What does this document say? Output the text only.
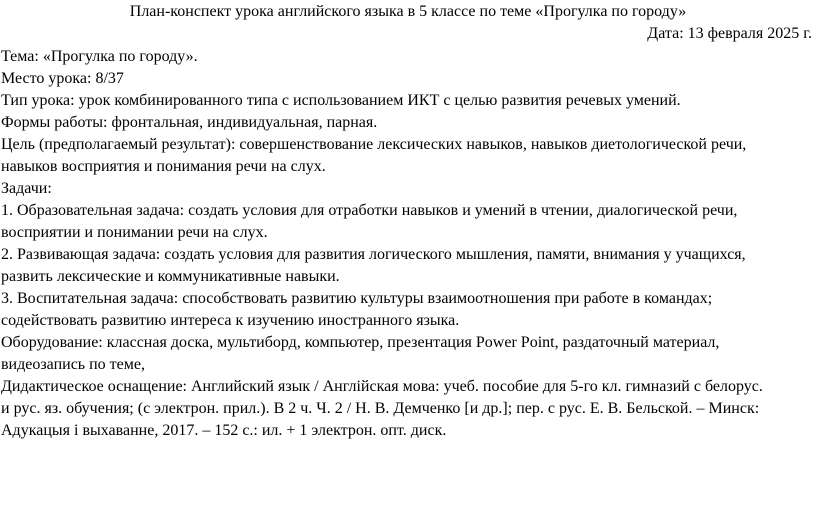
План-конспект урока английского языка в 5 классе по теме «Прогулка по городу»
Дата: 13 февраля 2025 г.
Тема: «Прогулка по городу».
Место урока: 8/37
Тип урока: урок комбинированного типа с использованием ИКТ с целью развития речевых умений.
Формы работы: фронтальная, индивидуальная, парная.
Цель (предполагаемый результат): совершенствование лексических навыков, навыков диетологической речи,
навыков восприятия и понимания речи на слух.
Задачи:
1. Образовательная задача: создать условия для отработки навыков и умений в чтении, диалогической речи,
восприятии и понимании речи на слух.
2. Развивающая задача: создать условия для развития логического мышления, памяти, внимания у учащихся,
развить лексические и коммуникативные навыки.
3. Воспитательная задача: способствовать развитию культуры взаимоотношения при работе в командах;
содействовать развитию интереса к изучению иностранного языка.
Оборудование: классная доска, мультиборд, компьютер, презентация Power Point, раздаточный материал,
видеозапись по теме,
Дидактическое оснащение: Английский язык / Англійская мова: учеб. пособие для 5-го кл. гимназий с белорус.
и рус. яз. обучения; (с электрон. прил.). В 2 ч. Ч. 2 / Н. В. Демченко [и др.]; пер. с рус. Е. В. Бельской. – Минск:
Адукацыя і выхаванне, 2017. – 152 с.: ил. + 1 электрон. опт. диск.
